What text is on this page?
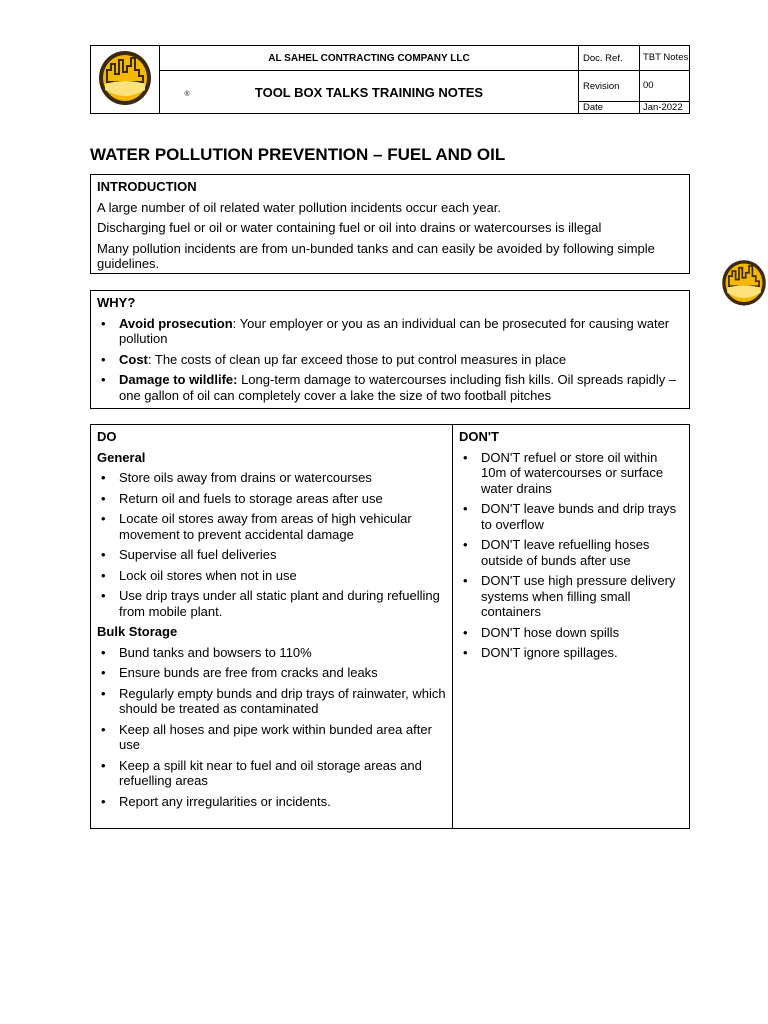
®	AL SAHEL CONTRACTING COMPANY LLC	Doc. Ref.	TBT Notes
	TOOL BOX TALKS TRAINING NOTES	Revision	00
		Date	Jan-2022
WATER POLLUTION PREVENTION – FUEL AND OIL
INTRODUCTION

A large number of oil related water pollution incidents occur each year.

Discharging fuel or oil or water containing fuel or oil into drains or watercourses is illegal

Many pollution incidents are from un-bunded tanks and can easily be avoided by following simple guidelines.

WHY?
• Avoid prosecution: Your employer or you as an individual can be prosecuted for causing water pollution
• Cost: The costs of clean up far exceed those to put control measures in place
• Damage to wildlife: Long-term damage to watercourses including fish kills. Oil spreads rapidly – one gallon of oil can completely cover a lake the size of two football pitches
DO
General
• Store oils away from drains or watercourses
• Return oil and fuels to storage areas after use
• Locate oil stores away from areas of high vehicular movement to prevent accidental damage
• Supervise all fuel deliveries
• Lock oil stores when not in use
• Use drip trays under all static plant and during refuelling from mobile plant.
Bulk Storage
• Bund tanks and bowsers to 110%
• Ensure bunds are free from cracks and leaks
• Regularly empty bunds and drip trays of rainwater, which should be treated as contaminated
• Keep all hoses and pipe work within bunded area after use
• Keep a spill kit near to fuel and oil storage areas and refuelling areas
• Report any irregularities or incidents.
DON'T
• DON'T refuel or store oil within 10m of watercourses or surface water drains
• DON'T leave bunds and drip trays to overflow
• DON'T leave refuelling hoses outside of bunds after use
• DON'T use high pressure delivery systems when filling small containers
• DON'T hose down spills
• DON'T ignore spillages.
